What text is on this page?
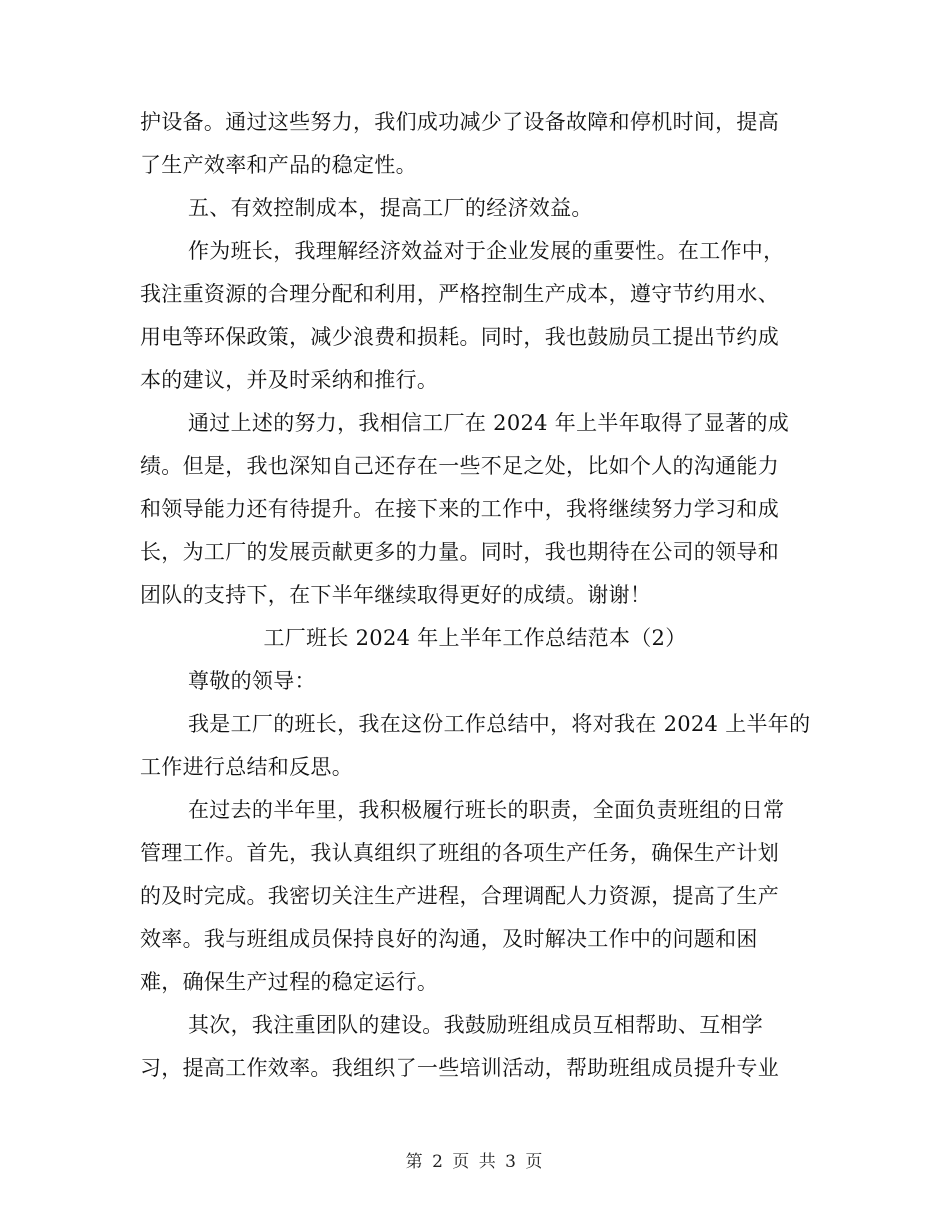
护设备。通过这些努力，我们成功减少了设备故障和停机时间，提高
了生产效率和产品的稳定性。
五、有效控制成本，提高工厂的经济效益。
作为班长，我理解经济效益对于企业发展的重要性。在工作中，
我注重资源的合理分配和利用，严格控制生产成本，遵守节约用水、
用电等环保政策，减少浪费和损耗。同时，我也鼓励员工提出节约成
本的建议，并及时采纳和推行。
通过上述的努力，我相信工厂在 2024 年上半年取得了显著的成
绩。但是，我也深知自己还存在一些不足之处，比如个人的沟通能力
和领导能力还有待提升。在接下来的工作中，我将继续努力学习和成
长，为工厂的发展贡献更多的力量。同时，我也期待在公司的领导和
团队的支持下，在下半年继续取得更好的成绩。谢谢！
工厂班长 2024 年上半年工作总结范本（2）
尊敬的领导：
我是工厂的班长，我在这份工作总结中，将对我在 2024 上半年的
工作进行总结和反思。
在过去的半年里，我积极履行班长的职责，全面负责班组的日常
管理工作。首先，我认真组织了班组的各项生产任务，确保生产计划
的及时完成。我密切关注生产进程，合理调配人力资源，提高了生产
效率。我与班组成员保持良好的沟通，及时解决工作中的问题和困
难，确保生产过程的稳定运行。
其次，我注重团队的建设。我鼓励班组成员互相帮助、互相学
习，提高工作效率。我组织了一些培训活动，帮助班组成员提升专业
第 2 页 共 3 页
